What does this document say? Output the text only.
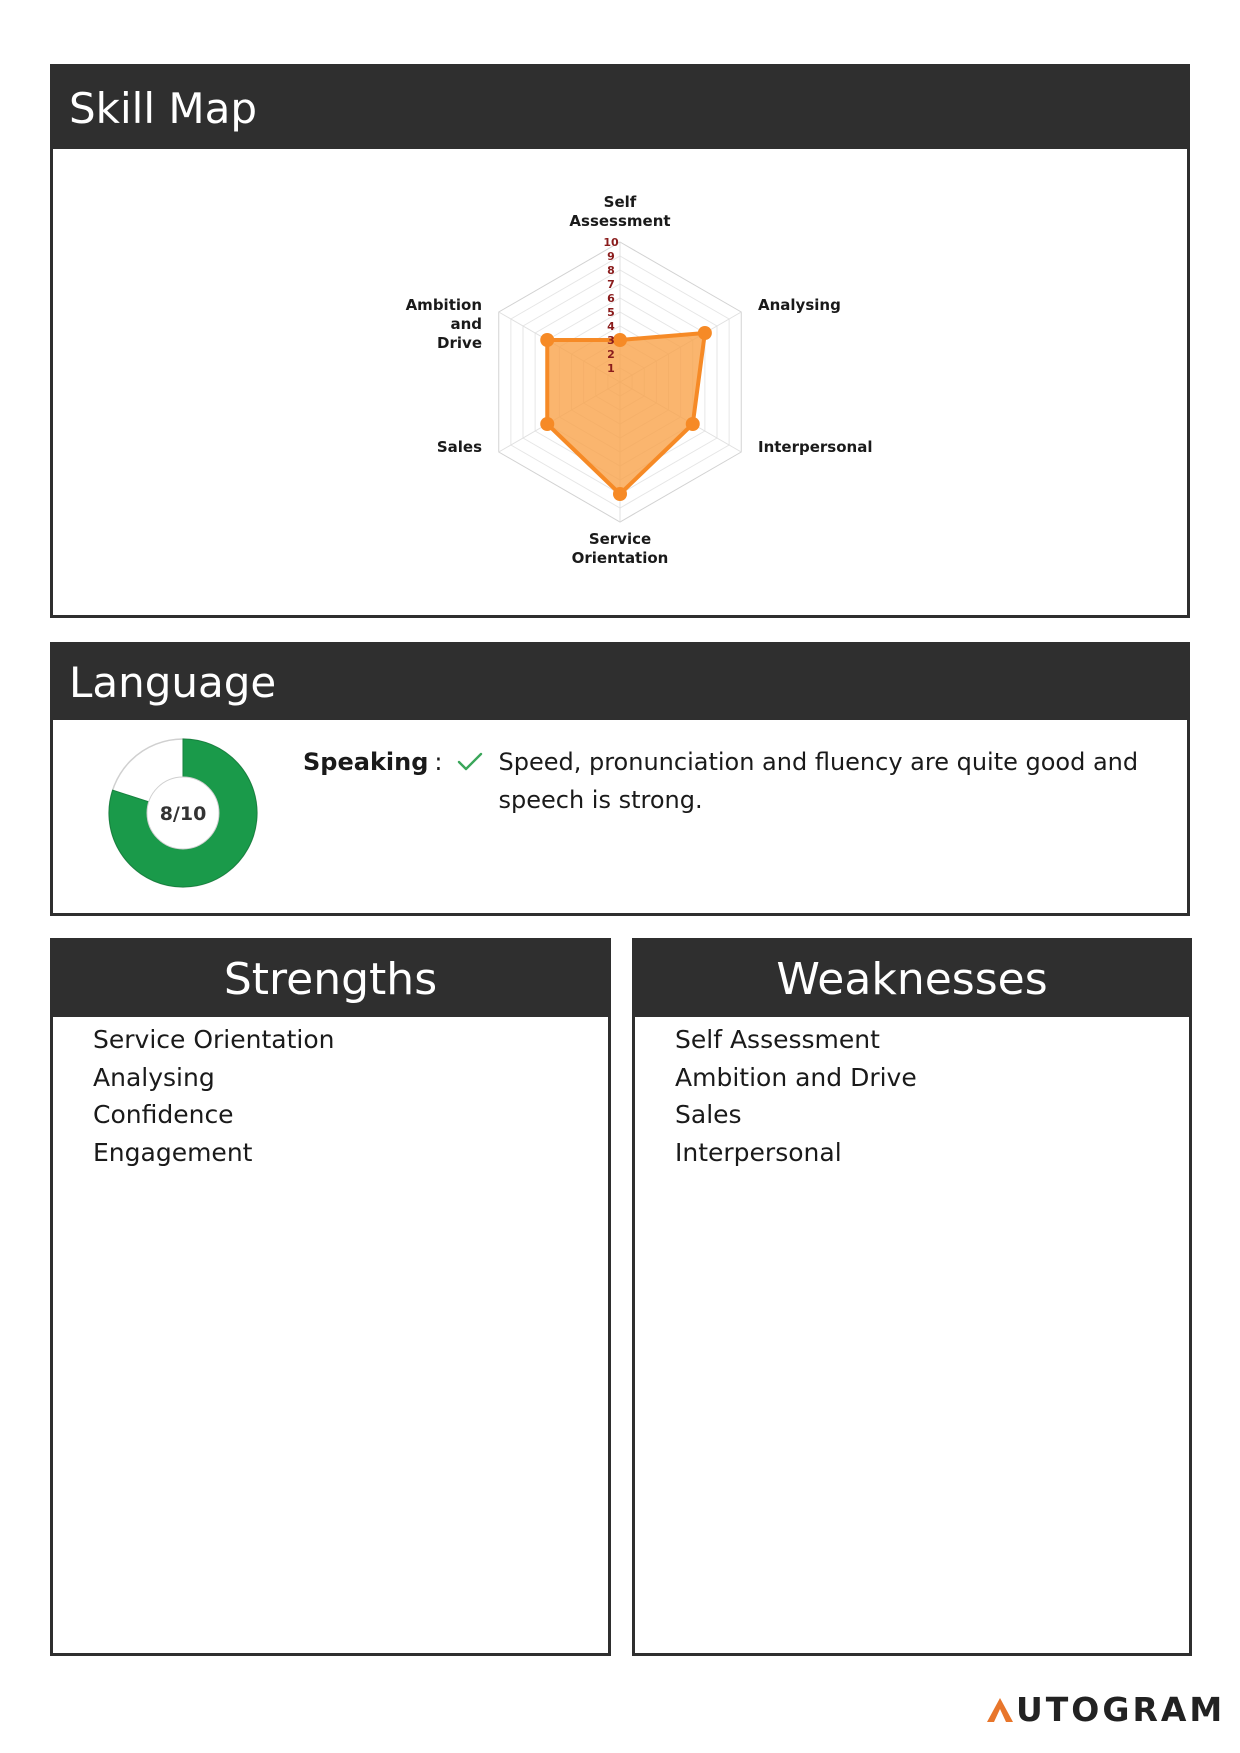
Skill Map
1
2
3
4
5
6
7
8
9
10
Self
Assessment
Analysing
Interpersonal
Service
Orientation
Sales
Ambition
and
Drive
Language
8/10
Speaking : Speed, pronunciation and fluency are quite good and speech is strong.
Strengths
Service Orientation
Analysing
Confidence
Engagement
Weaknesses
Self Assessment
Ambition and Drive
Sales
Interpersonal
UTOGRAM
